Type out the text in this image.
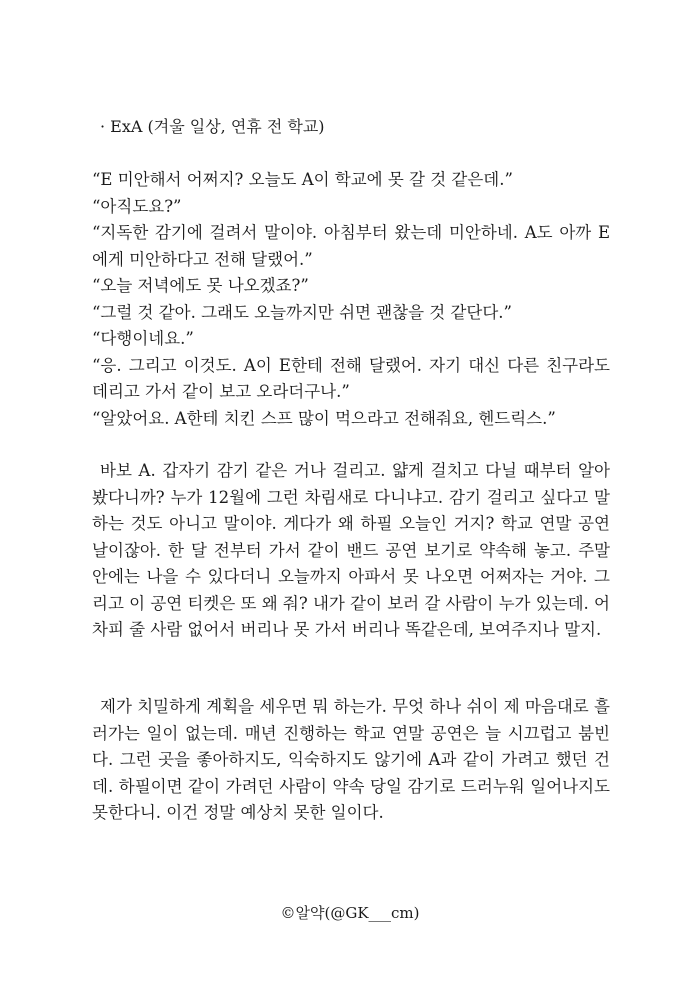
· ExA (겨울 일상, 연휴 전 학교)

“E 미안해서 어쩌지? 오늘도 A이 학교에 못 갈 것 같은데.”

“아직도요?”

“지독한 감기에 걸려서 말이야. 아침부터 왔는데 미안하네. A도 아까 E에게 미안하다고 전해 달랬어.”

“오늘 저녁에도 못 나오겠죠?”

“그럴 것 같아. 그래도 오늘까지만 쉬면 괜찮을 것 같단다.”

“다행이네요.”

“응. 그리고 이것도. A이 E한테 전해 달랬어. 자기 대신 다른 친구라도 데리고 가서 같이 보고 오라더구나.”

“알았어요. A한테 치킨 스프 많이 먹으라고 전해줘요, 헨드릭스.”

바보 A. 갑자기 감기 같은 거나 걸리고. 얇게 걸치고 다닐 때부터 알아봤다니까? 누가 12월에 그런 차림새로 다니냐고. 감기 걸리고 싶다고 말하는 것도 아니고 말이야. 게다가 왜 하필 오늘인 거지? 학교 연말 공연 날이잖아. 한 달 전부터 가서 같이 밴드 공연 보기로 약속해 놓고. 주말 안에는 나을 수 있다더니 오늘까지 아파서 못 나오면 어쩌자는 거야. 그리고 이 공연 티켓은 또 왜 줘? 내가 같이 보러 갈 사람이 누가 있는데. 어차피 줄 사람 없어서 버리나 못 가서 버리나 똑같은데, 보여주지나 말지.

제가 치밀하게 계획을 세우면 뭐 하는가. 무엇 하나 쉬이 제 마음대로 흘러가는 일이 없는데. 매년 진행하는 학교 연말 공연은 늘 시끄럽고 붐빈다. 그런 곳을 좋아하지도, 익숙하지도 않기에 A과 같이 가려고 했던 건데. 하필이면 같이 가려던 사람이 약속 당일 감기로 드러누워 일어나지도 못한다니. 이건 정말 예상치 못한 일이다.

©알약(@GK___cm)
